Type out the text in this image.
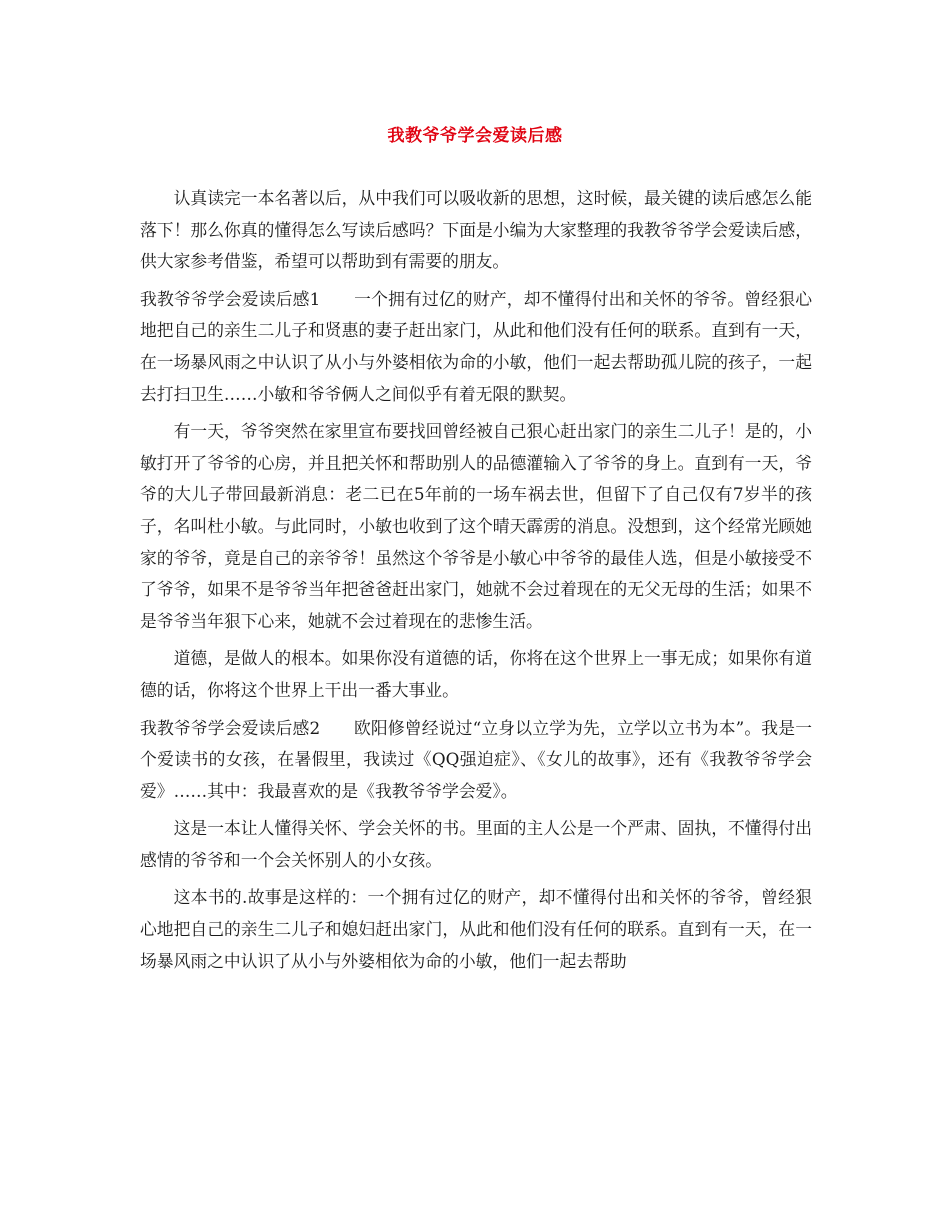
我教爷爷学会爱读后感

认真读完一本名著以后，从中我们可以吸收新的思想，这时候，最关键的读后感怎么能落下！那么你真的懂得怎么写读后感吗？下面是小编为大家整理的我教爷爷学会爱读后感，供大家参考借鉴，希望可以帮助到有需要的朋友。

我教爷爷学会爱读后感1 一个拥有过亿的财产，却不懂得付出和关怀的爷爷。曾经狠心地把自己的亲生二儿子和贤惠的妻子赶出家门，从此和他们没有任何的联系。直到有一天，在一场暴风雨之中认识了从小与外婆相依为命的小敏，他们一起去帮助孤儿院的孩子，一起去打扫卫生……小敏和爷爷俩人之间似乎有着无限的默契。

有一天，爷爷突然在家里宣布要找回曾经被自己狠心赶出家门的亲生二儿子！是的，小敏打开了爷爷的心房，并且把关怀和帮助别人的品德灌输入了爷爷的身上。直到有一天，爷爷的大儿子带回最新消息：老二已在5年前的一场车祸去世，但留下了自己仅有7岁半的孩子，名叫杜小敏。与此同时，小敏也收到了这个晴天霹雳的消息。没想到，这个经常光顾她家的爷爷，竟是自己的亲爷爷！虽然这个爷爷是小敏心中爷爷的最佳人选，但是小敏接受不了爷爷，如果不是爷爷当年把爸爸赶出家门，她就不会过着现在的无父无母的生活；如果不是爷爷当年狠下心来，她就不会过着现在的悲惨生活。

道德，是做人的根本。如果你没有道德的话，你将在这个世界上一事无成；如果你有道德的话，你将这个世界上干出一番大事业。

我教爷爷学会爱读后感2 欧阳修曾经说过“立身以立学为先，立学以立书为本”。我是一个爱读书的女孩，在暑假里，我读过《QQ强迫症》、《女儿的故事》，还有《我教爷爷学会爱》……其中：我最喜欢的是《我教爷爷学会爱》。

这是一本让人懂得关怀、学会关怀的书。里面的主人公是一个严肃、固执，不懂得付出感情的爷爷和一个会关怀别人的小女孩。

这本书的.故事是这样的：一个拥有过亿的财产，却不懂得付出和关怀的爷爷，曾经狠心地把自己的亲生二儿子和媳妇赶出家门，从此和他们没有任何的联系。直到有一天，在一场暴风雨之中认识了从小与外婆相依为命的小敏，他们一起去帮助
